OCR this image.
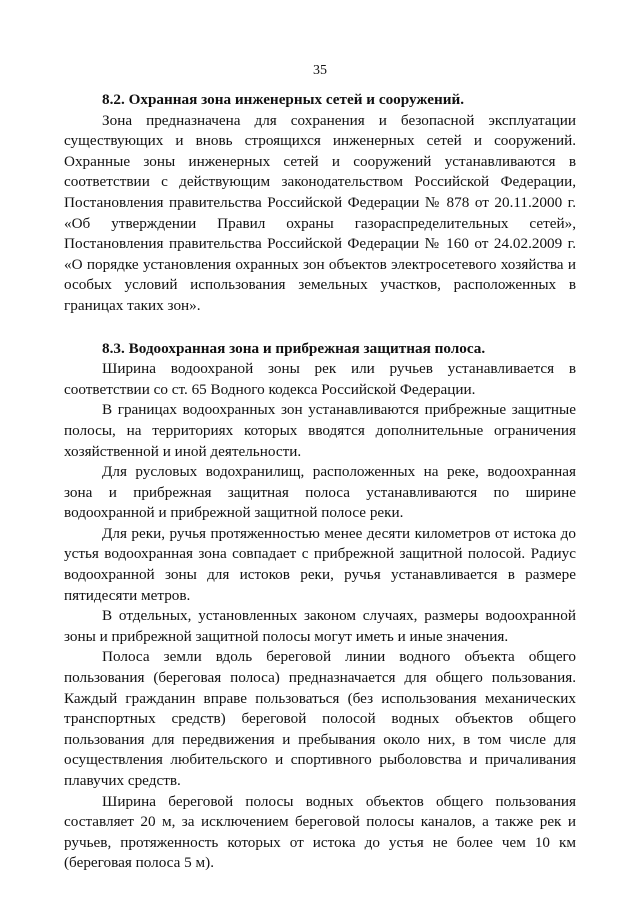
35

8.2. Охранная зона инженерных сетей и сооружений.

Зона предназначена для сохранения и безопасной эксплуатации существующих и вновь строящихся инженерных сетей и сооружений. Охранные зоны инженерных сетей и сооружений устанавливаются в соответствии с действующим законодательством Российской Федерации, Постановления правительства Российской Федерации № 878 от 20.11.2000 г. «Об утверждении Правил охраны газораспределительных сетей», Постановления правительства Российской Федерации № 160 от 24.02.2009 г. «О порядке установления охранных зон объектов электросетевого хозяйства и особых условий использования земельных участков, расположенных в границах таких зон».

8.3. Водоохранная зона и прибрежная защитная полоса.

Ширина водоохраной зоны рек или ручьев устанавливается в соответствии со ст. 65 Водного кодекса Российской Федерации.

В границах водоохранных зон устанавливаются прибрежные защитные полосы, на территориях которых вводятся дополнительные ограничения хозяйственной и иной деятельности.

Для русловых водохранилищ, расположенных на реке, водоохранная зона и прибрежная защитная полоса устанавливаются по ширине водоохранной и прибрежной защитной полосе реки.

Для реки, ручья протяженностью менее десяти километров от истока до устья водоохранная зона совпадает с прибрежной защитной полосой. Радиус водоохранной зоны для истоков реки, ручья устанавливается в размере пятидесяти метров.

В отдельных, установленных законом случаях, размеры водоохранной зоны и прибрежной защитной полосы могут иметь и иные значения.

Полоса земли вдоль береговой линии водного объекта общего пользования (береговая полоса) предназначается для общего пользования. Каждый гражданин вправе пользоваться (без использования механических транспортных средств) береговой полосой водных объектов общего пользования для передвижения и пребывания около них, в том числе для осуществления любительского и спортивного рыболовства и причаливания плавучих средств.

Ширина береговой полосы водных объектов общего пользования составляет 20 м, за исключением береговой полосы каналов, а также рек и ручьев, протяженность которых от истока до устья не более чем 10 км (береговая полоса 5 м).
